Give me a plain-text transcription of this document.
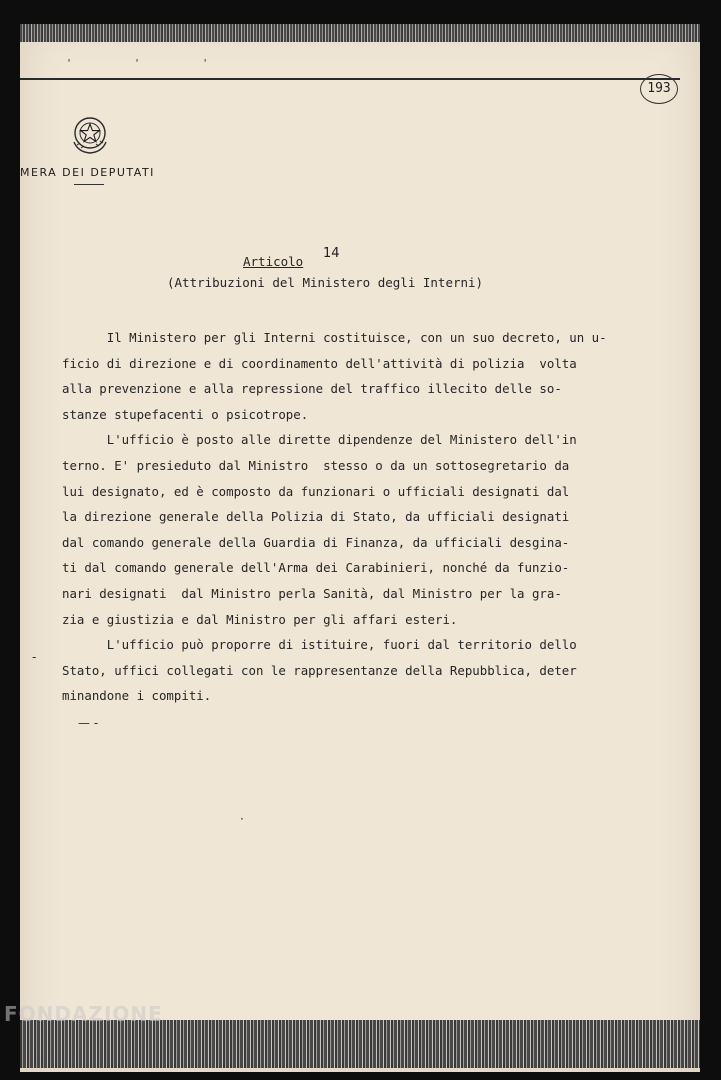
' ' '
193
MERA DEI DEPUTATI
Articolo
14
(Attribuzioni del Ministero degli Interni)
Il Ministero per gli Interni costituisce, con un suo decreto, un u-
ficio di direzione e di coordinamento dell'attività di polizia  volta
alla prevenzione e alla repressione del traffico illecito delle so-
stanze stupefacenti o psicotrope.
L'ufficio è posto alle dirette dipendenze del Ministero dell'in
terno. E' presieduto dal Ministro  stesso o da un sottosegretario da
lui designato, ed è composto da funzionari o ufficiali designati dal
la direzione generale della Polizia di Stato, da ufficiali designati
dal comando generale della Guardia di Finanza, da ufficiali desgina-
ti dal comando generale dell'Arma dei Carabinieri, nonché da funzio-
nari designati  dal Ministro perla Sanità, dal Ministro per la gra-
zia e giustizia e dal Ministro per gli affari esteri.
L'ufficio può proporre di istituire, fuori dal territorio dello
Stato, uffici collegati con le rappresentanze della Repubblica, deter
minandone i compiti.
-
— -
·
FONDAZIONE
